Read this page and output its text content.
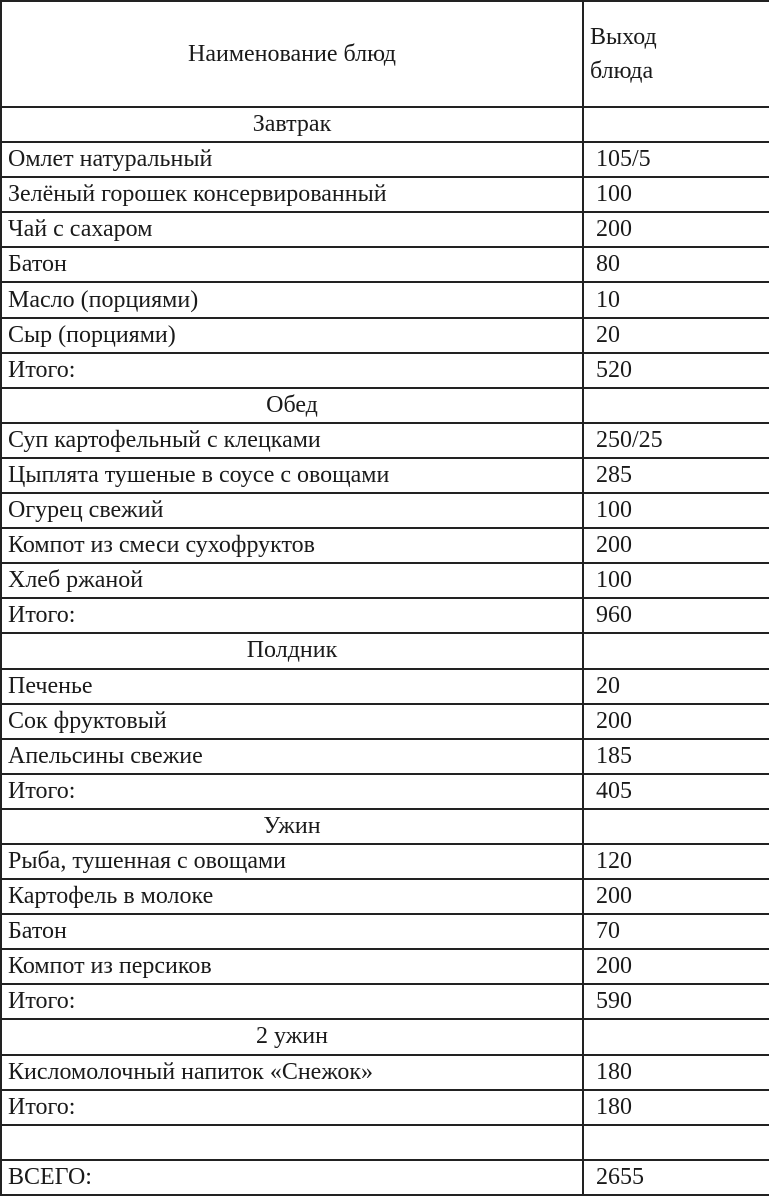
Наименование блюд	Выход
блюда
Завтрак	
Омлет натуральный	105/5
Зелёный горошек консервированный	100
Чай с сахаром	200
Батон	80
Масло (порциями)	10
Сыр (порциями)	20
Итого:	520
Обед	
Суп картофельный с клецками	250/25
Цыплята тушеные в соусе с овощами	285
Огурец свежий	100
Компот из смеси сухофруктов	200
Хлеб ржаной	100
Итого:	960
Полдник	
Печенье	20
Сок фруктовый	200
Апельсины свежие	185
Итого:	405
Ужин	
Рыба, тушенная с овощами	120
Картофель в молоке	200
Батон	70
Компот из персиков	200
Итого:	590
2 ужин	
Кисломолочный напиток «Снежок»	180
Итого:	180

ВСЕГО:	2655
